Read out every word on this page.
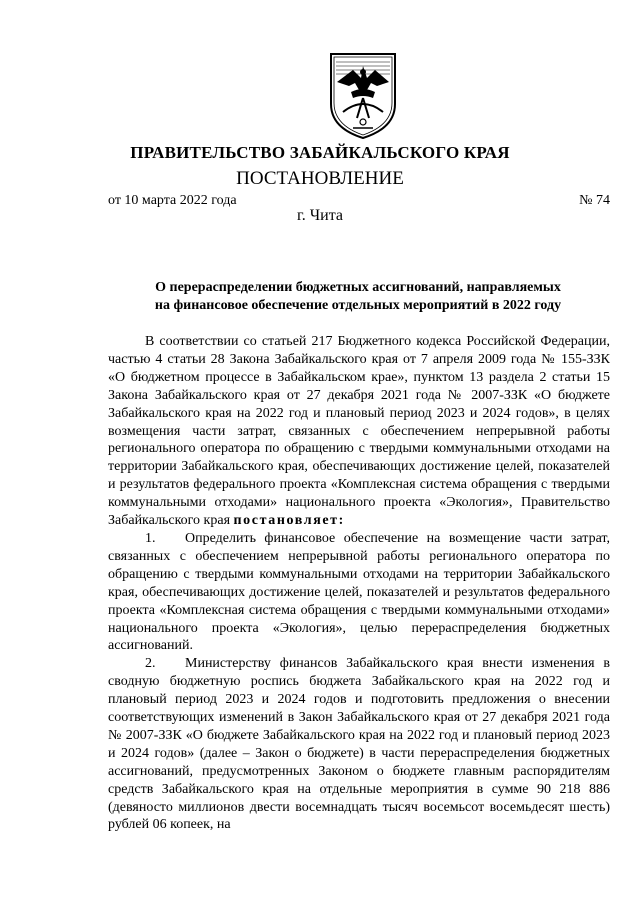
ПРАВИТЕЛЬСТВО ЗАБАЙКАЛЬСКОГО КРАЯ
ПОСТАНОВЛЕНИЕ
от 10 марта 2022 года	№ 74
г. Чита
О перераспределении бюджетных ассигнований, направляемых
на финансовое обеспечение отдельных мероприятий в 2022 году

В соответствии со статьей 217 Бюджетного кодекса Российской Федерации, частью 4 статьи 28 Закона Забайкальского края от 7 апреля 2009 года № 155-ЗЗК «О бюджетном процессе в Забайкальском крае», пунктом 13 раздела 2 статьи 15 Закона Забайкальского края от 27 декабря 2021 года № 2007-ЗЗК «О бюджете Забайкальского края на 2022 год и плановый период 2023 и 2024 годов», в целях возмещения части затрат, связанных с обеспечением непрерывной работы регионального оператора по обращению с твердыми коммунальными отходами на территории Забайкальского края, обеспечивающих достижение целей, показателей и результатов федерального проекта «Комплексная система обращения с твердыми коммунальными отходами» национального проекта «Экология», Правительство Забайкальского края постановляет:

1. Определить финансовое обеспечение на возмещение части затрат, связанных с обеспечением непрерывной работы регионального оператора по обращению с твердыми коммунальными отходами на территории Забайкальского края, обеспечивающих достижение целей, показателей и результатов федерального проекта «Комплексная система обращения с твердыми коммунальными отходами» национального проекта «Экология», целью перераспределения бюджетных ассигнований.

2. Министерству финансов Забайкальского края внести изменения в сводную бюджетную роспись бюджета Забайкальского края на 2022 год и плановый период 2023 и 2024 годов и подготовить предложения о внесении соответствующих изменений в Закон Забайкальского края от 27 декабря 2021 года № 2007-ЗЗК «О бюджете Забайкальского края на 2022 год и плановый период 2023 и 2024 годов» (далее – Закон о бюджете) в части перераспределения бюджетных ассигнований, предусмотренных Законом о бюджете главным распорядителям средств Забайкальского края на отдельные мероприятия в сумме 90 218 886 (девяносто миллионов двести восемнадцать тысяч восемьсот восемьдесят шесть) рублей 06 копеек, на
